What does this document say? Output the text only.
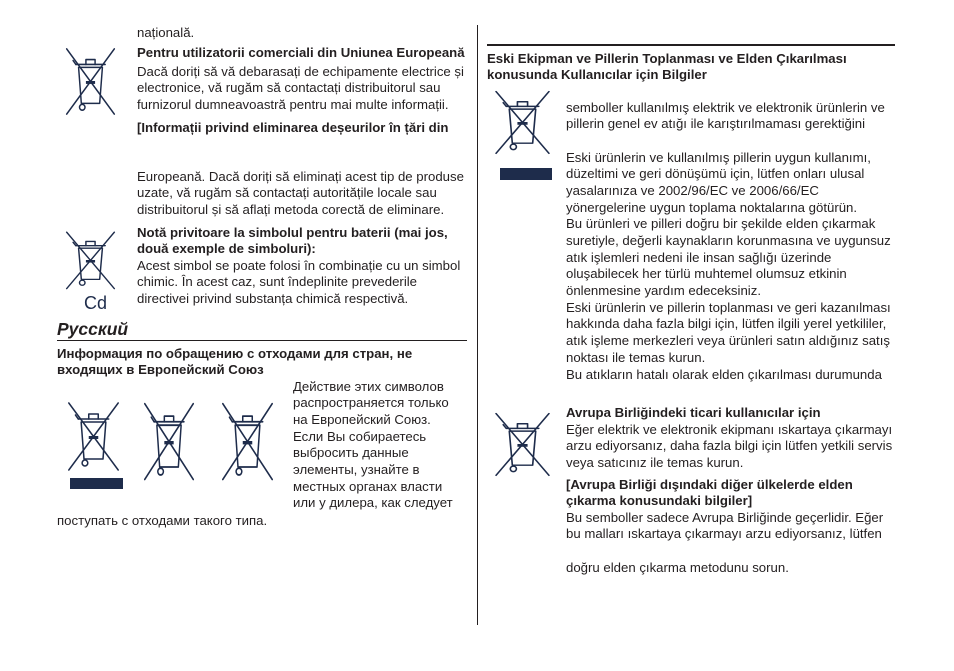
națională.
Pentru utilizatorii comerciali din Uniunea Europeană
Dacă doriți să vă debarasați de echipamente electrice și
electronice, vă rugăm să contactați distribuitorul sau
furnizorul dumneavoastră pentru mai multe informații.
[Informații privind eliminarea deșeurilor în țări din
Europeană. Dacă doriți să eliminați acest tip de produse
uzate, vă rugăm să contactați autoritățile locale sau
distribuitorul și să aflați metoda corectă de eliminare.
Cd
Notă privitoare la simbolul pentru baterii (mai jos,
două exemple de simboluri):
Acest simbol se poate folosi în combinație cu un simbol
chimic. În acest caz, sunt îndeplinite prevederile
directivei privind substanța chimică respectivă.
Русский
Информация по обращению с отходами для стран, не
входящих в Европейский Союз
Действие этих символов
распространяется только
на Европейский Союз.
Если Вы собираетесь
выбросить данные
элементы, узнайте в
местных органах власти
или у дилера, как следует
поступать с отходами такого типа.
Eski Ekipman ve Pillerin Toplanması ve Elden Çıkarılması
konusunda Kullanıcılar için Bilgiler
semboller kullanılmış elektrik ve elektronik ürünlerin ve
pillerin genel ev atığı ile karıştırılmaması gerektiğini
Eski ürünlerin ve kullanılmış pillerin uygun kullanımı,
düzeltimi ve geri dönüşümü için, lütfen onları ulusal
yasalarınıza ve 2002/96/EC ve 2006/66/EC
yönergelerine uygun toplama noktalarına götürün.
Bu ürünleri ve pilleri doğru bir şekilde elden çıkarmak
suretiyle, değerli kaynakların korunmasına ve uygunsuz
atık işlemleri nedeni ile insan sağlığı üzerinde
oluşabilecek her türlü muhtemel olumsuz etkinin
önlenmesine yardım edeceksiniz.
Eski ürünlerin ve pillerin toplanması ve geri kazanılması
hakkında daha fazla bilgi için, lütfen ilgili yerel yetkililer,
atık işleme merkezleri veya ürünleri satın aldığınız satış
noktası ile temas kurun.
Bu atıkların hatalı olarak elden çıkarılması durumunda
Avrupa Birliğindeki ticari kullanıcılar için
Eğer elektrik ve elektronik ekipmanı ıskartaya çıkarmayı
arzu ediyorsanız, daha fazla bilgi için lütfen yetkili servis
veya satıcınız ile temas kurun.
[Avrupa Birliği dışındaki diğer ülkelerde elden
çıkarma konusundaki bilgiler]
Bu semboller sadece Avrupa Birliğinde geçerlidir. Eğer
bu malları ıskartaya çıkarmayı arzu ediyorsanız, lütfen
doğru elden çıkarma metodunu sorun.
